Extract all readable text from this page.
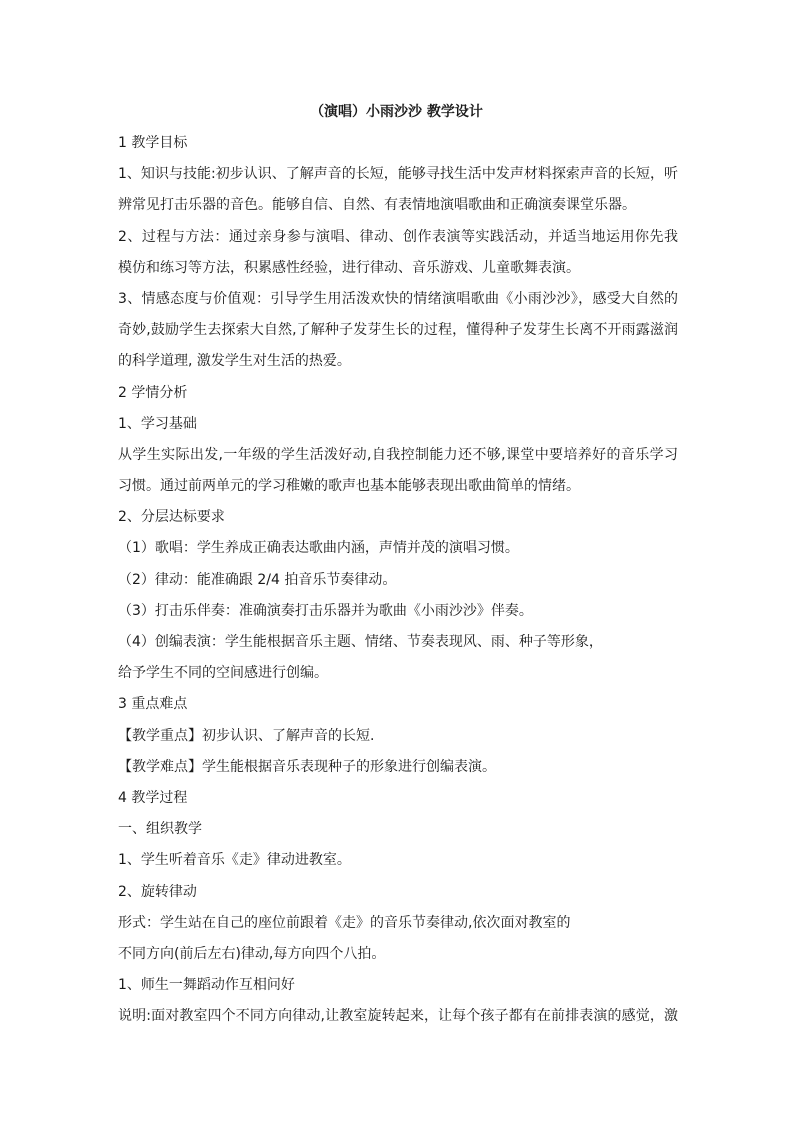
（演唱）小雨沙沙 教学设计

1 教学目标

1、知识与技能:初步认识、了解声音的长短，能够寻找生活中发声材料探索声音的长短，听

辨常见打击乐器的音色。能够自信、自然、有表情地演唱歌曲和正确演奏课堂乐器。

2、过程与方法：通过亲身参与演唱、律动、创作表演等实践活动，并适当地运用你先我

模仿和练习等方法，积累感性经验，进行律动、音乐游戏、儿童歌舞表演。

3、情感态度与价值观：引导学生用活泼欢快的情绪演唱歌曲《小雨沙沙》，感受大自然的

奇妙,鼓励学生去探索大自然,了解种子发芽生长的过程，懂得种子发芽生长离不开雨露滋润

的科学道理, 激发学生对生活的热爱。

2 学情分析

1、学习基础

从学生实际出发,一年级的学生活泼好动,自我控制能力还不够,课堂中要培养好的音乐学习

习惯。通过前两单元的学习稚嫩的歌声也基本能够表现出歌曲简单的情绪。

2、分层达标要求

（1）歌唱：学生养成正确表达歌曲内涵，声情并茂的演唱习惯。

（2）律动：能准确跟 2/4 拍音乐节奏律动。

（3）打击乐伴奏：准确演奏打击乐器并为歌曲《小雨沙沙》伴奏。

（4）创编表演：学生能根据音乐主题、情绪、节奏表现风、雨、种子等形象，

给予学生不同的空间感进行创编。

3 重点难点

【教学重点】初步认识、了解声音的长短.

【教学难点】学生能根据音乐表现种子的形象进行创编表演。

4 教学过程

一、组织教学

1、学生听着音乐《走》律动进教室。

2、旋转律动

形式：学生站在自己的座位前跟着《走》的音乐节奏律动,依次面对教室的

不同方向(前后左右)律动,每方向四个八拍。

1、师生一舞蹈动作互相问好

说明:面对教室四个不同方向律动,让教室旋转起来，让每个孩子都有在前排表演的感觉，激
